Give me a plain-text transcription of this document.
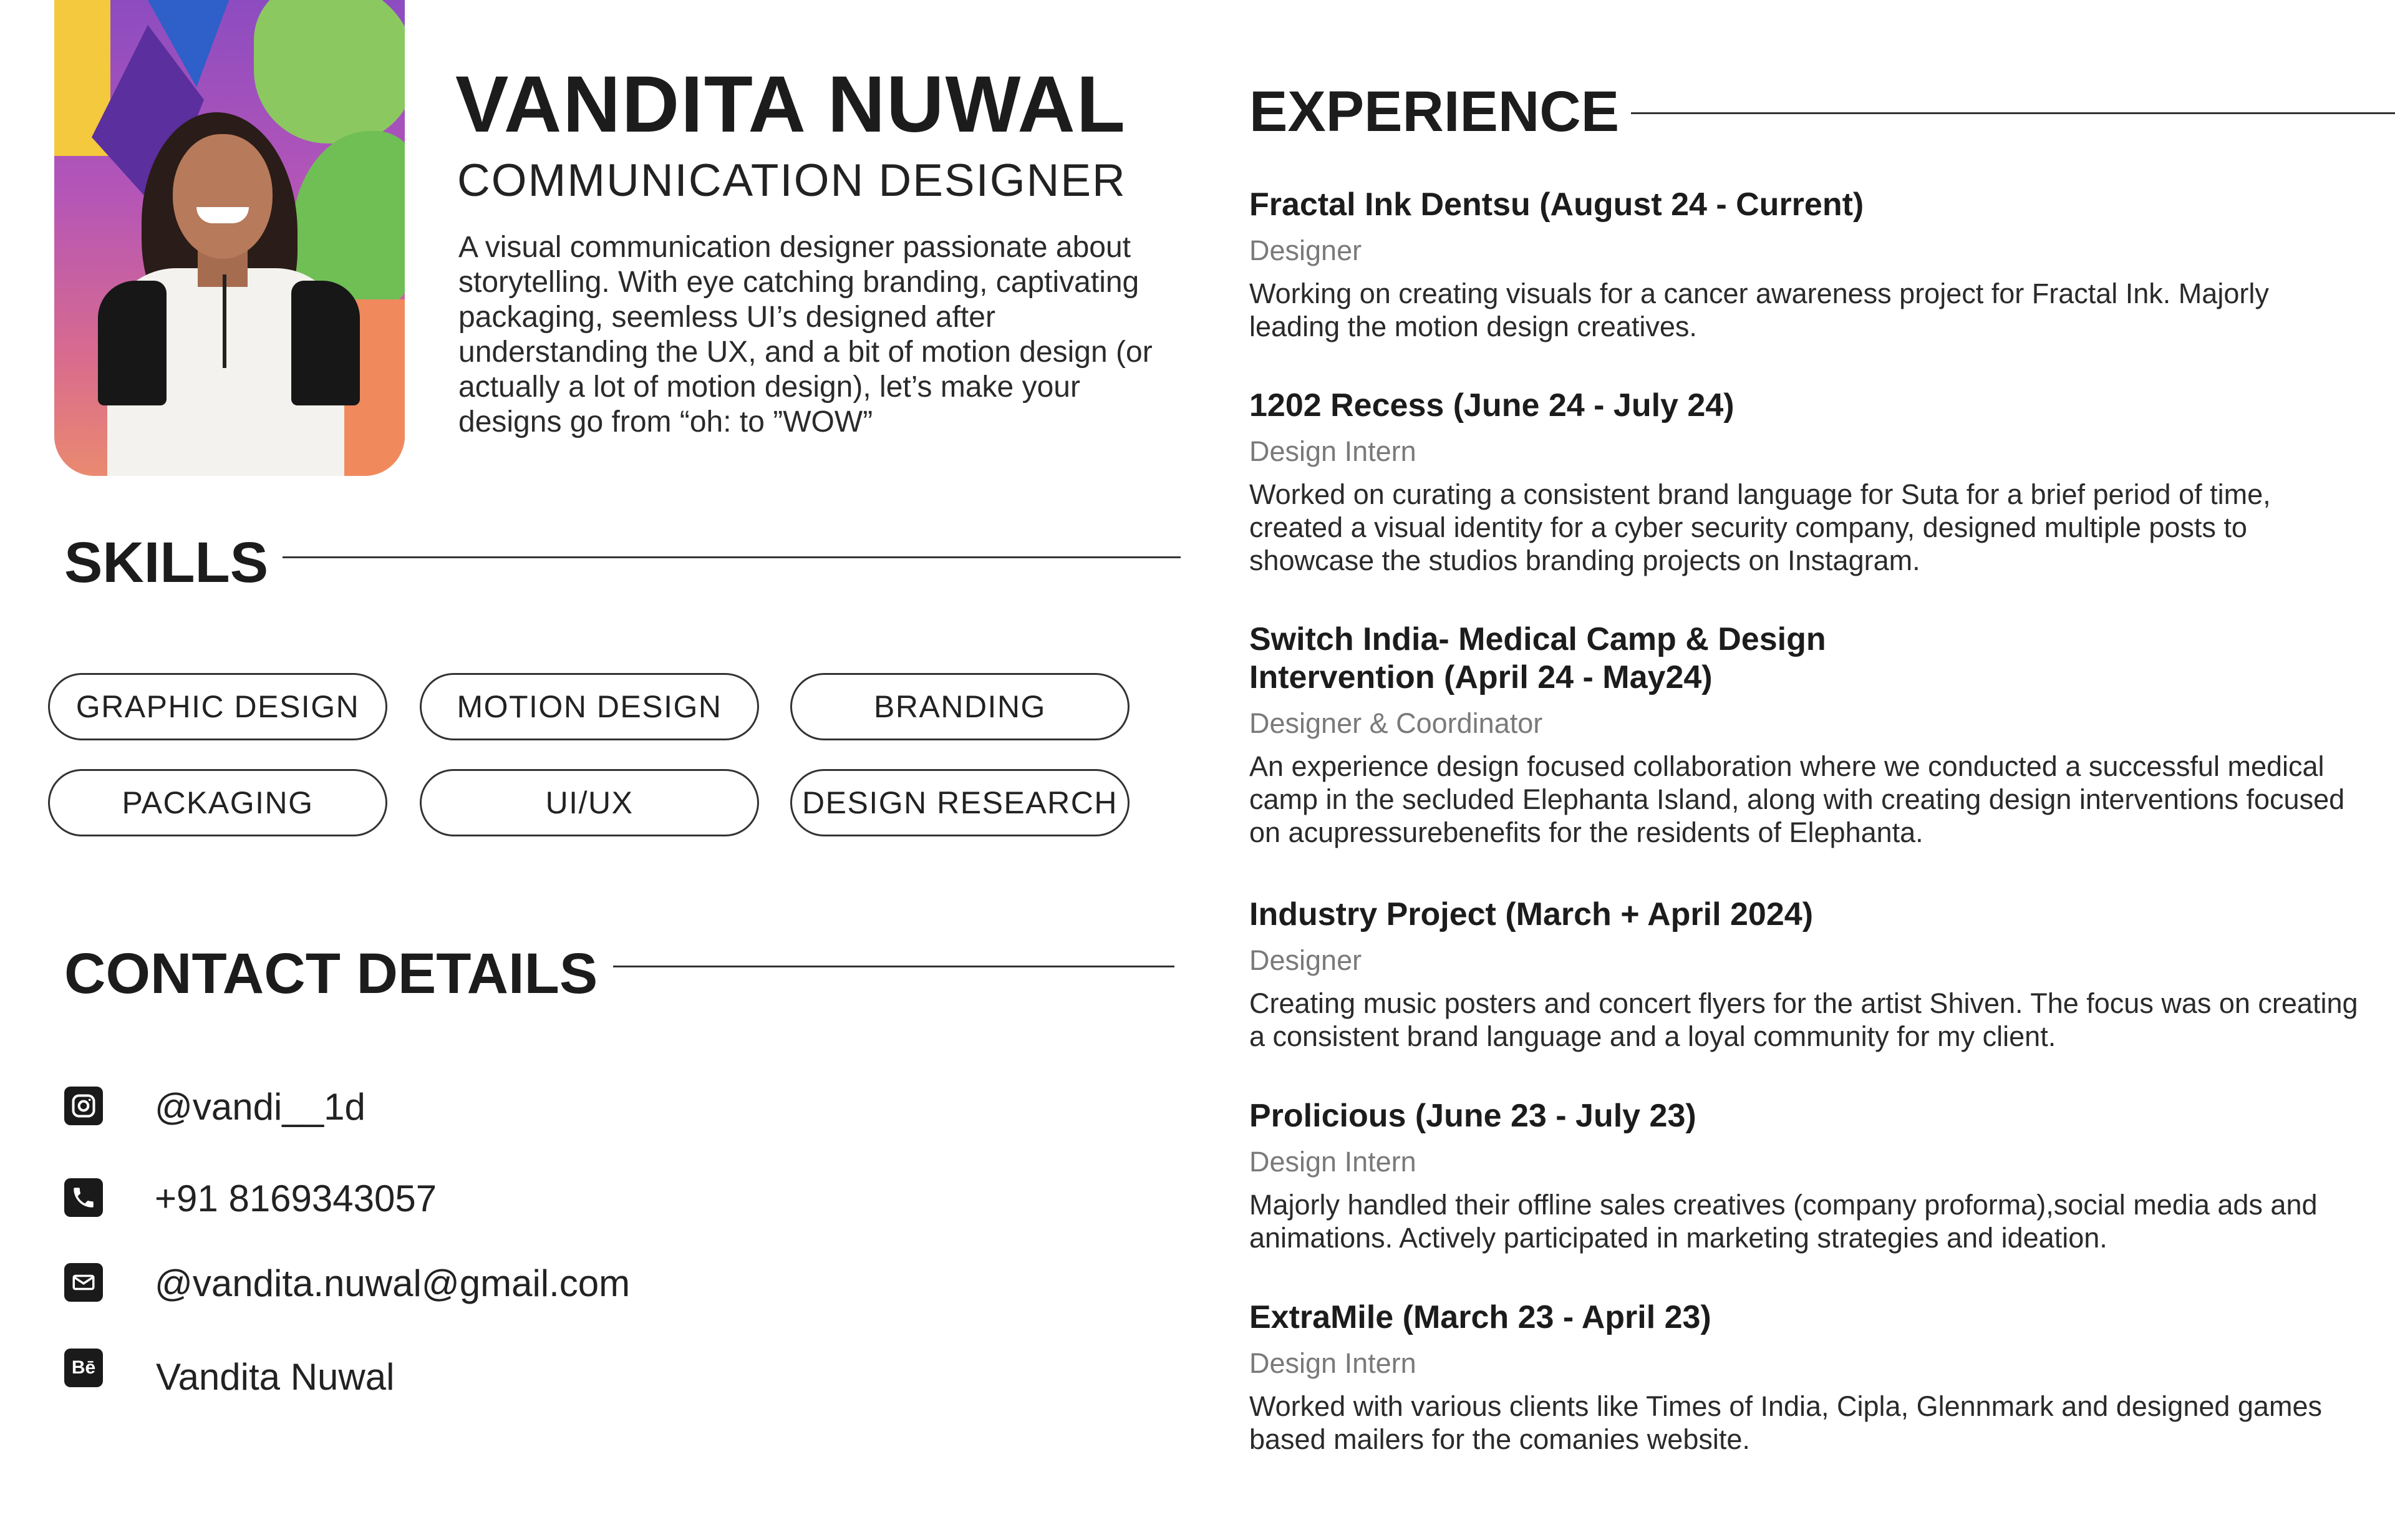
VANDITA NUWAL
COMMUNICATION DESIGNER
A visual communication designer passionate about storytelling. With eye catching branding, captivating packaging, seemless UI’s designed after understanding the UX, and a bit of motion design (or actually a lot of motion design), let’s make your designs go from “oh: to ”WOW”
SKILLS
GRAPHIC DESIGN	MOTION DESIGN	BRANDING
PACKAGING	UI/UX	DESIGN RESEARCH
CONTACT DETAILS
@vandi__1d
+91 8169343057
@vandita.nuwal@gmail.com
Bē Vandita Nuwal
EXPERIENCE
Fractal Ink Dentsu (August 24 - Current)
Designer
Working on creating visuals for a cancer awareness project for Fractal Ink. Majorly leading the motion design creatives.
1202 Recess (June 24 - July 24)
Design Intern
Worked on curating a consistent brand language for Suta for a brief period of time, created a visual identity for a cyber security company, designed multiple posts to showcase the studios branding projects on Instagram.
Switch India- Medical Camp & Design Intervention (April 24 - May24)
Designer & Coordinator
An experience design focused collaboration where we conducted a successful medical camp in the secluded Elephanta Island, along with creating design interventions focused on acupressurebenefits for the residents of Elephanta.
Industry Project (March + April 2024)
Designer
Creating music posters and concert flyers for the artist Shiven. The focus was on creating a consistent brand language and a loyal community for my client.
Prolicious (June 23 - July 23)
Design Intern
Majorly handled their offline sales creatives (company proforma),social media ads and animations. Actively participated in marketing strategies and ideation.
ExtraMile (March 23 - April 23)
Design Intern
Worked with various clients like Times of India, Cipla, Glennmark and designed games based mailers for the comanies website.
